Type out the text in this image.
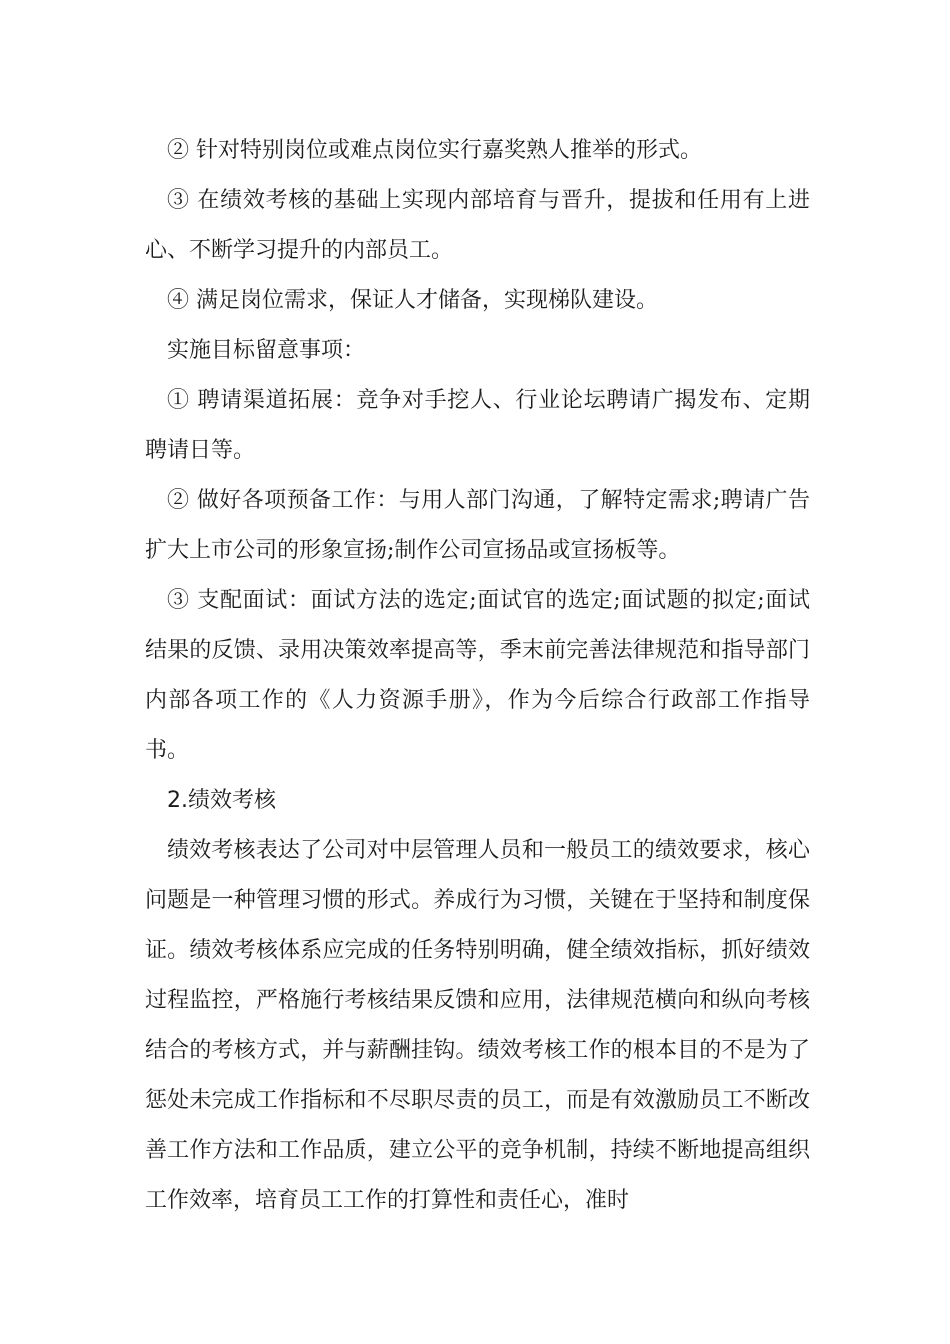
② 针对特别岗位或难点岗位实行嘉奖熟人推举的形式。

③ 在绩效考核的基础上实现内部培育与晋升，提拔和任用有上进心、不断学习提升的内部员工。

④ 满足岗位需求，保证人才储备，实现梯队建设。

实施目标留意事项：

① 聘请渠道拓展：竞争对手挖人、行业论坛聘请广揭发布、定期聘请日等。

② 做好各项预备工作：与用人部门沟通，了解特定需求;聘请广告扩大上市公司的形象宣扬;制作公司宣扬品或宣扬板等。

③ 支配面试：面试方法的选定;面试官的选定;面试题的拟定;面试结果的反馈、录用决策效率提高等，季末前完善法律规范和指导部门内部各项工作的《人力资源手册》，作为今后综合行政部工作指导书。

2.绩效考核

绩效考核表达了公司对中层管理人员和一般员工的绩效要求，核心问题是一种管理习惯的形式。养成行为习惯，关键在于坚持和制度保证。绩效考核体系应完成的任务特别明确，健全绩效指标，抓好绩效过程监控，严格施行考核结果反馈和应用，法律规范横向和纵向考核结合的考核方式，并与薪酬挂钩。绩效考核工作的根本目的不是为了惩处未完成工作指标和不尽职尽责的员工，而是有效激励员工不断改善工作方法和工作品质，建立公平的竞争机制，持续不断地提高组织工作效率，培育员工工作的打算性和责任心，准时
